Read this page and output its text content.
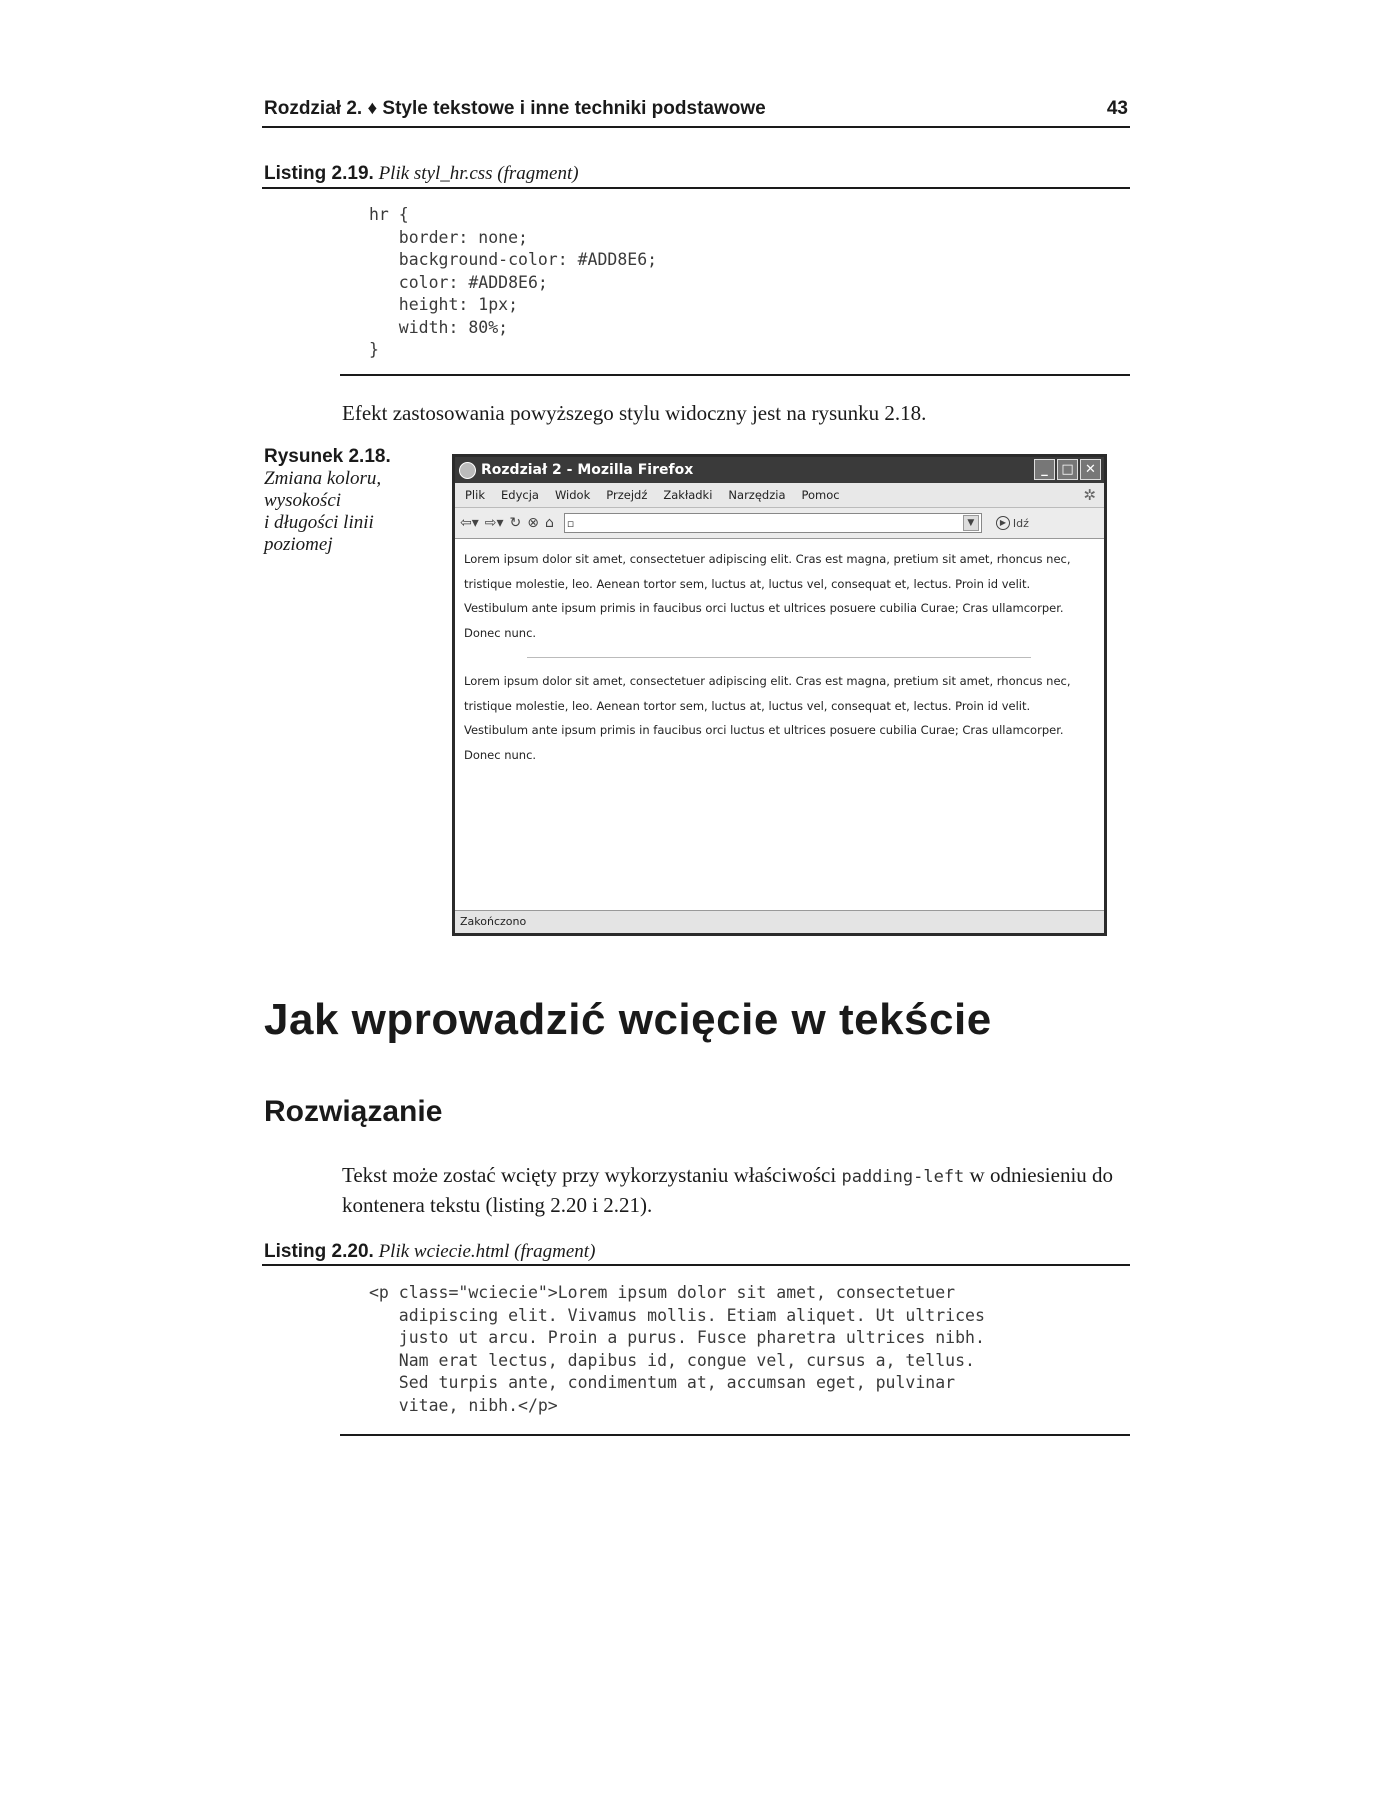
Rozdział 2. ♦ Style tekstowe i inne techniki podstawowe	43
Listing 2.19. Plik styl_hr.css (fragment)
hr {
border: none;
background-color: #ADD8E6;
color: #ADD8E6;
height: 1px;
width: 80%;
}
Efekt zastosowania powyższego stylu widoczny jest na rysunku 2.18.
Rysunek 2.18.
Zmiana koloru,
wysokości
i długości linii
poziomej
Rozdział 2 - Mozilla Firefox	_	□ ✕
Plik Edycja Widok Przejdź Zakładki Narzędzia Pomoc	✲
⇦▾ ⇨▾ ↻ ⊗ ⌂ ▫	▼	▶ Idź

Lorem ipsum dolor sit amet, consectetuer adipiscing elit. Cras est magna, pretium sit amet, rhoncus nec, tristique molestie, leo. Aenean tortor sem, luctus at, luctus vel, consequat et, lectus. Proin id velit. Vestibulum ante ipsum primis in faucibus orci luctus et ultrices posuere cubilia Curae; Cras ullamcorper. Donec nunc.

Lorem ipsum dolor sit amet, consectetuer adipiscing elit. Cras est magna, pretium sit amet, rhoncus nec, tristique molestie, leo. Aenean tortor sem, luctus at, luctus vel, consequat et, lectus. Proin id velit. Vestibulum ante ipsum primis in faucibus orci luctus et ultrices posuere cubilia Curae; Cras ullamcorper. Donec nunc.

Zakończono
Jak wprowadzić wcięcie w tekście
Rozwiązanie
Tekst może zostać wcięty przy wykorzystaniu właściwości padding-left w odniesieniu do kontenera tekstu (listing 2.20 i 2.21).
Listing 2.20. Plik wciecie.html (fragment)
<p class="wciecie">Lorem ipsum dolor sit amet, consectetuer
adipiscing elit. Vivamus mollis. Etiam aliquet. Ut ultrices
justo ut arcu. Proin a purus. Fusce pharetra ultrices nibh.
Nam erat lectus, dapibus id, congue vel, cursus a, tellus.
Sed turpis ante, condimentum at, accumsan eget, pulvinar
vitae, nibh.</p>
